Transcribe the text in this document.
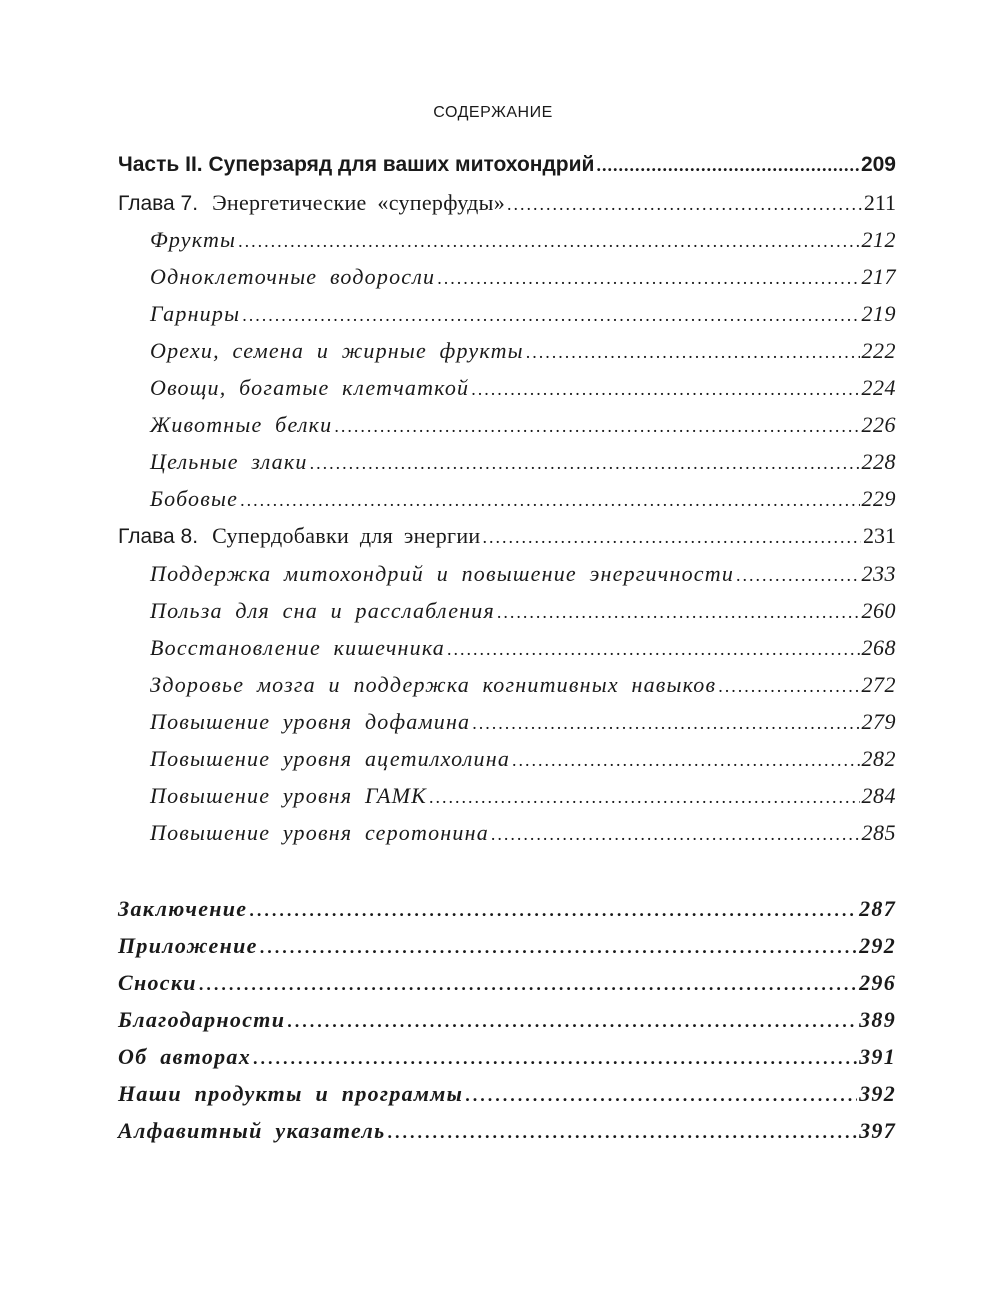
СОДЕРЖАНИЕ
Часть II. Суперзаряд для ваших митохондрий .....	209
Глава 7. Энергетические «суперфуды» .....	211
Фрукты .....	212
Одноклеточные водоросли .....	217
Гарниры .....	219
Орехи, семена и жирные фрукты .....	222
Овощи, богатые клетчаткой .....	224
Животные белки .....	226
Цельные злаки .....	228
Бобовые .....	229
Глава 8. Супердобавки для энергии .....	231
Поддержка митохондрий и повышение энергичности .....	233
Польза для сна и расслабления .....	260
Восстановление кишечника .....	268
Здоровье мозга и поддержка когнитивных навыков .....	272
Повышение уровня дофамина .....	279
Повышение уровня ацетилхолина .....	282
Повышение уровня ГАМК .....	284
Повышение уровня серотонина .....	285
Заключение .....	287
Приложение .....	292
Сноски .....	296
Благодарности .....	389
Об авторах .....	391
Наши продукты и программы .....	392
Алфавитный указатель .....	397
